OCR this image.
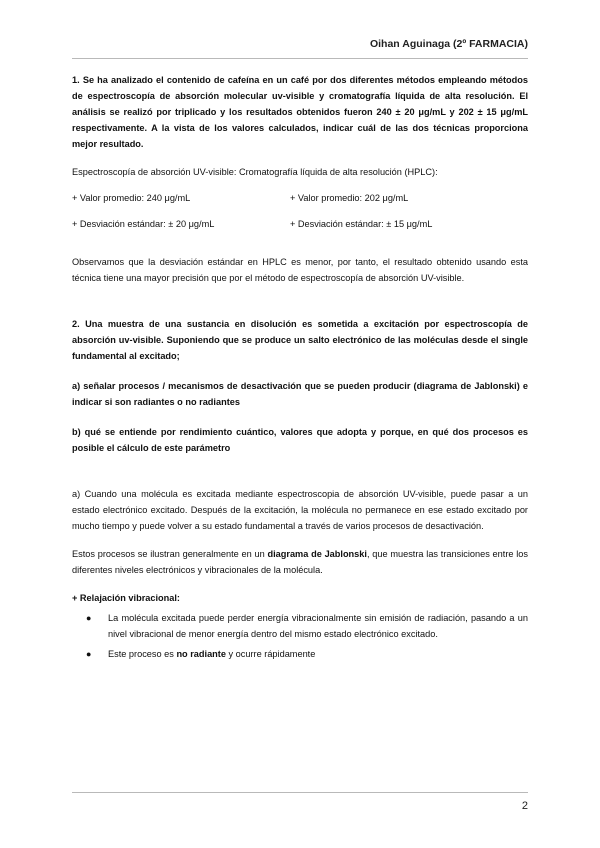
Oihan Aguinaga (2º FARMACIA)

1. Se ha analizado el contenido de cafeína en un café por dos diferentes métodos empleando métodos de espectroscopía de absorción molecular uv-visible y cromatografía líquida de alta resolución. El análisis se realizó por triplicado y los resultados obtenidos fueron 240 ± 20 μg/mL y 202 ± 15 μg/mL respectivamente. A la vista de los valores calculados, indicar cuál de las dos técnicas proporciona mejor resultado.

Espectroscopía de absorción UV-visible: Cromatografía líquida de alta resolución (HPLC):

+ Valor promedio: 240 μg/mL	+ Valor promedio: 202 μg/mL
+ Desviación estándar: ± 20 μg/mL	+ Desviación estándar: ± 15 μg/mL

Observamos que la desviación estándar en HPLC es menor, por tanto, el resultado obtenido usando esta técnica tiene una mayor precisión que por el método de espectroscopía de absorción UV-visible.

2. Una muestra de una sustancia en disolución es sometida a excitación por espectroscopía de absorción uv-visible. Suponiendo que se produce un salto electrónico de las moléculas desde el single fundamental al excitado;

a) señalar procesos / mecanismos de desactivación que se pueden producir (diagrama de Jablonski) e indicar si son radiantes o no radiantes

b) qué se entiende por rendimiento cuántico, valores que adopta y porque, en qué dos procesos es posible el cálculo de este parámetro

a) Cuando una molécula es excitada mediante espectroscopia de absorción UV-visible, puede pasar a un estado electrónico excitado. Después de la excitación, la molécula no permanece en ese estado excitado por mucho tiempo y puede volver a su estado fundamental a través de varios procesos de desactivación.

Estos procesos se ilustran generalmente en un diagrama de Jablonski, que muestra las transiciones entre los diferentes niveles electrónicos y vibracionales de la molécula.

+ Relajación vibracional:

● La molécula excitada puede perder energía vibracionalmente sin emisión de radiación, pasando a un nivel vibracional de menor energía dentro del mismo estado electrónico excitado.
● Este proceso es no radiante y ocurre rápidamente
2
